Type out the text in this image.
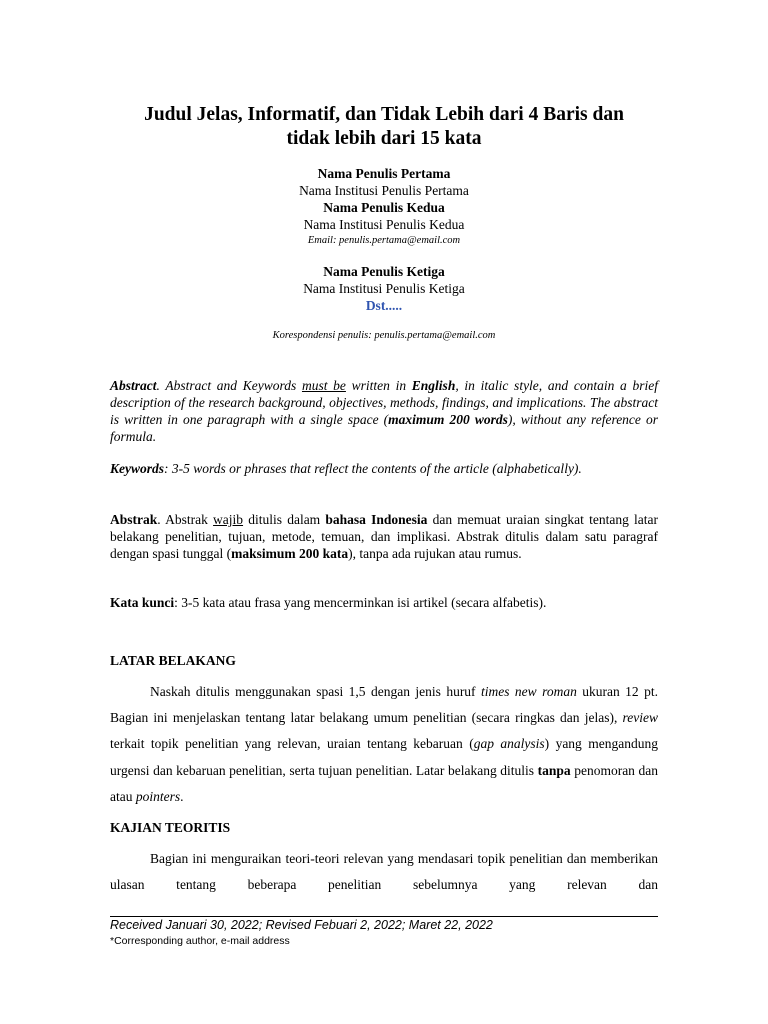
Judul Jelas, Informatif, dan Tidak Lebih dari 4 Baris dan
tidak lebih dari 15 kata
Nama Penulis Pertama
Nama Institusi Penulis Pertama
Nama Penulis Kedua
Nama Institusi Penulis Kedua
Email: penulis.pertama@email.com
Nama Penulis Ketiga
Nama Institusi Penulis Ketiga
Dst.....
Korespondensi penulis: penulis.pertama@email.com
Abstract. Abstract and Keywords must be written in English, in italic style, and contain a brief description of the research background, objectives, methods, findings, and implications. The abstract is written in one paragraph with a single space (maximum 200 words), without any reference or formula.
Keywords: 3-5 words or phrases that reflect the contents of the article (alphabetically).
Abstrak. Abstrak wajib ditulis dalam bahasa Indonesia dan memuat uraian singkat tentang latar belakang penelitian, tujuan, metode, temuan, dan implikasi. Abstrak ditulis dalam satu paragraf dengan spasi tunggal (maksimum 200 kata), tanpa ada rujukan atau rumus.
Kata kunci: 3-5 kata atau frasa yang mencerminkan isi artikel (secara alfabetis).
LATAR BELAKANG
Naskah ditulis menggunakan spasi 1,5 dengan jenis huruf times new roman ukuran 12 pt. Bagian ini menjelaskan tentang latar belakang umum penelitian (secara ringkas dan jelas), review terkait topik penelitian yang relevan, uraian tentang kebaruan (gap analysis) yang mengandung urgensi dan kebaruan penelitian, serta tujuan penelitian. Latar belakang ditulis tanpa penomoran dan atau pointers.
KAJIAN TEORITIS
Bagian ini menguraikan teori-teori relevan yang mendasari topik penelitian dan memberikan ulasan tentang beberapa penelitian sebelumnya yang relevan dan
Received Januari 30, 2022; Revised Febuari 2, 2022; Maret 22, 2022
*Corresponding author, e-mail address
